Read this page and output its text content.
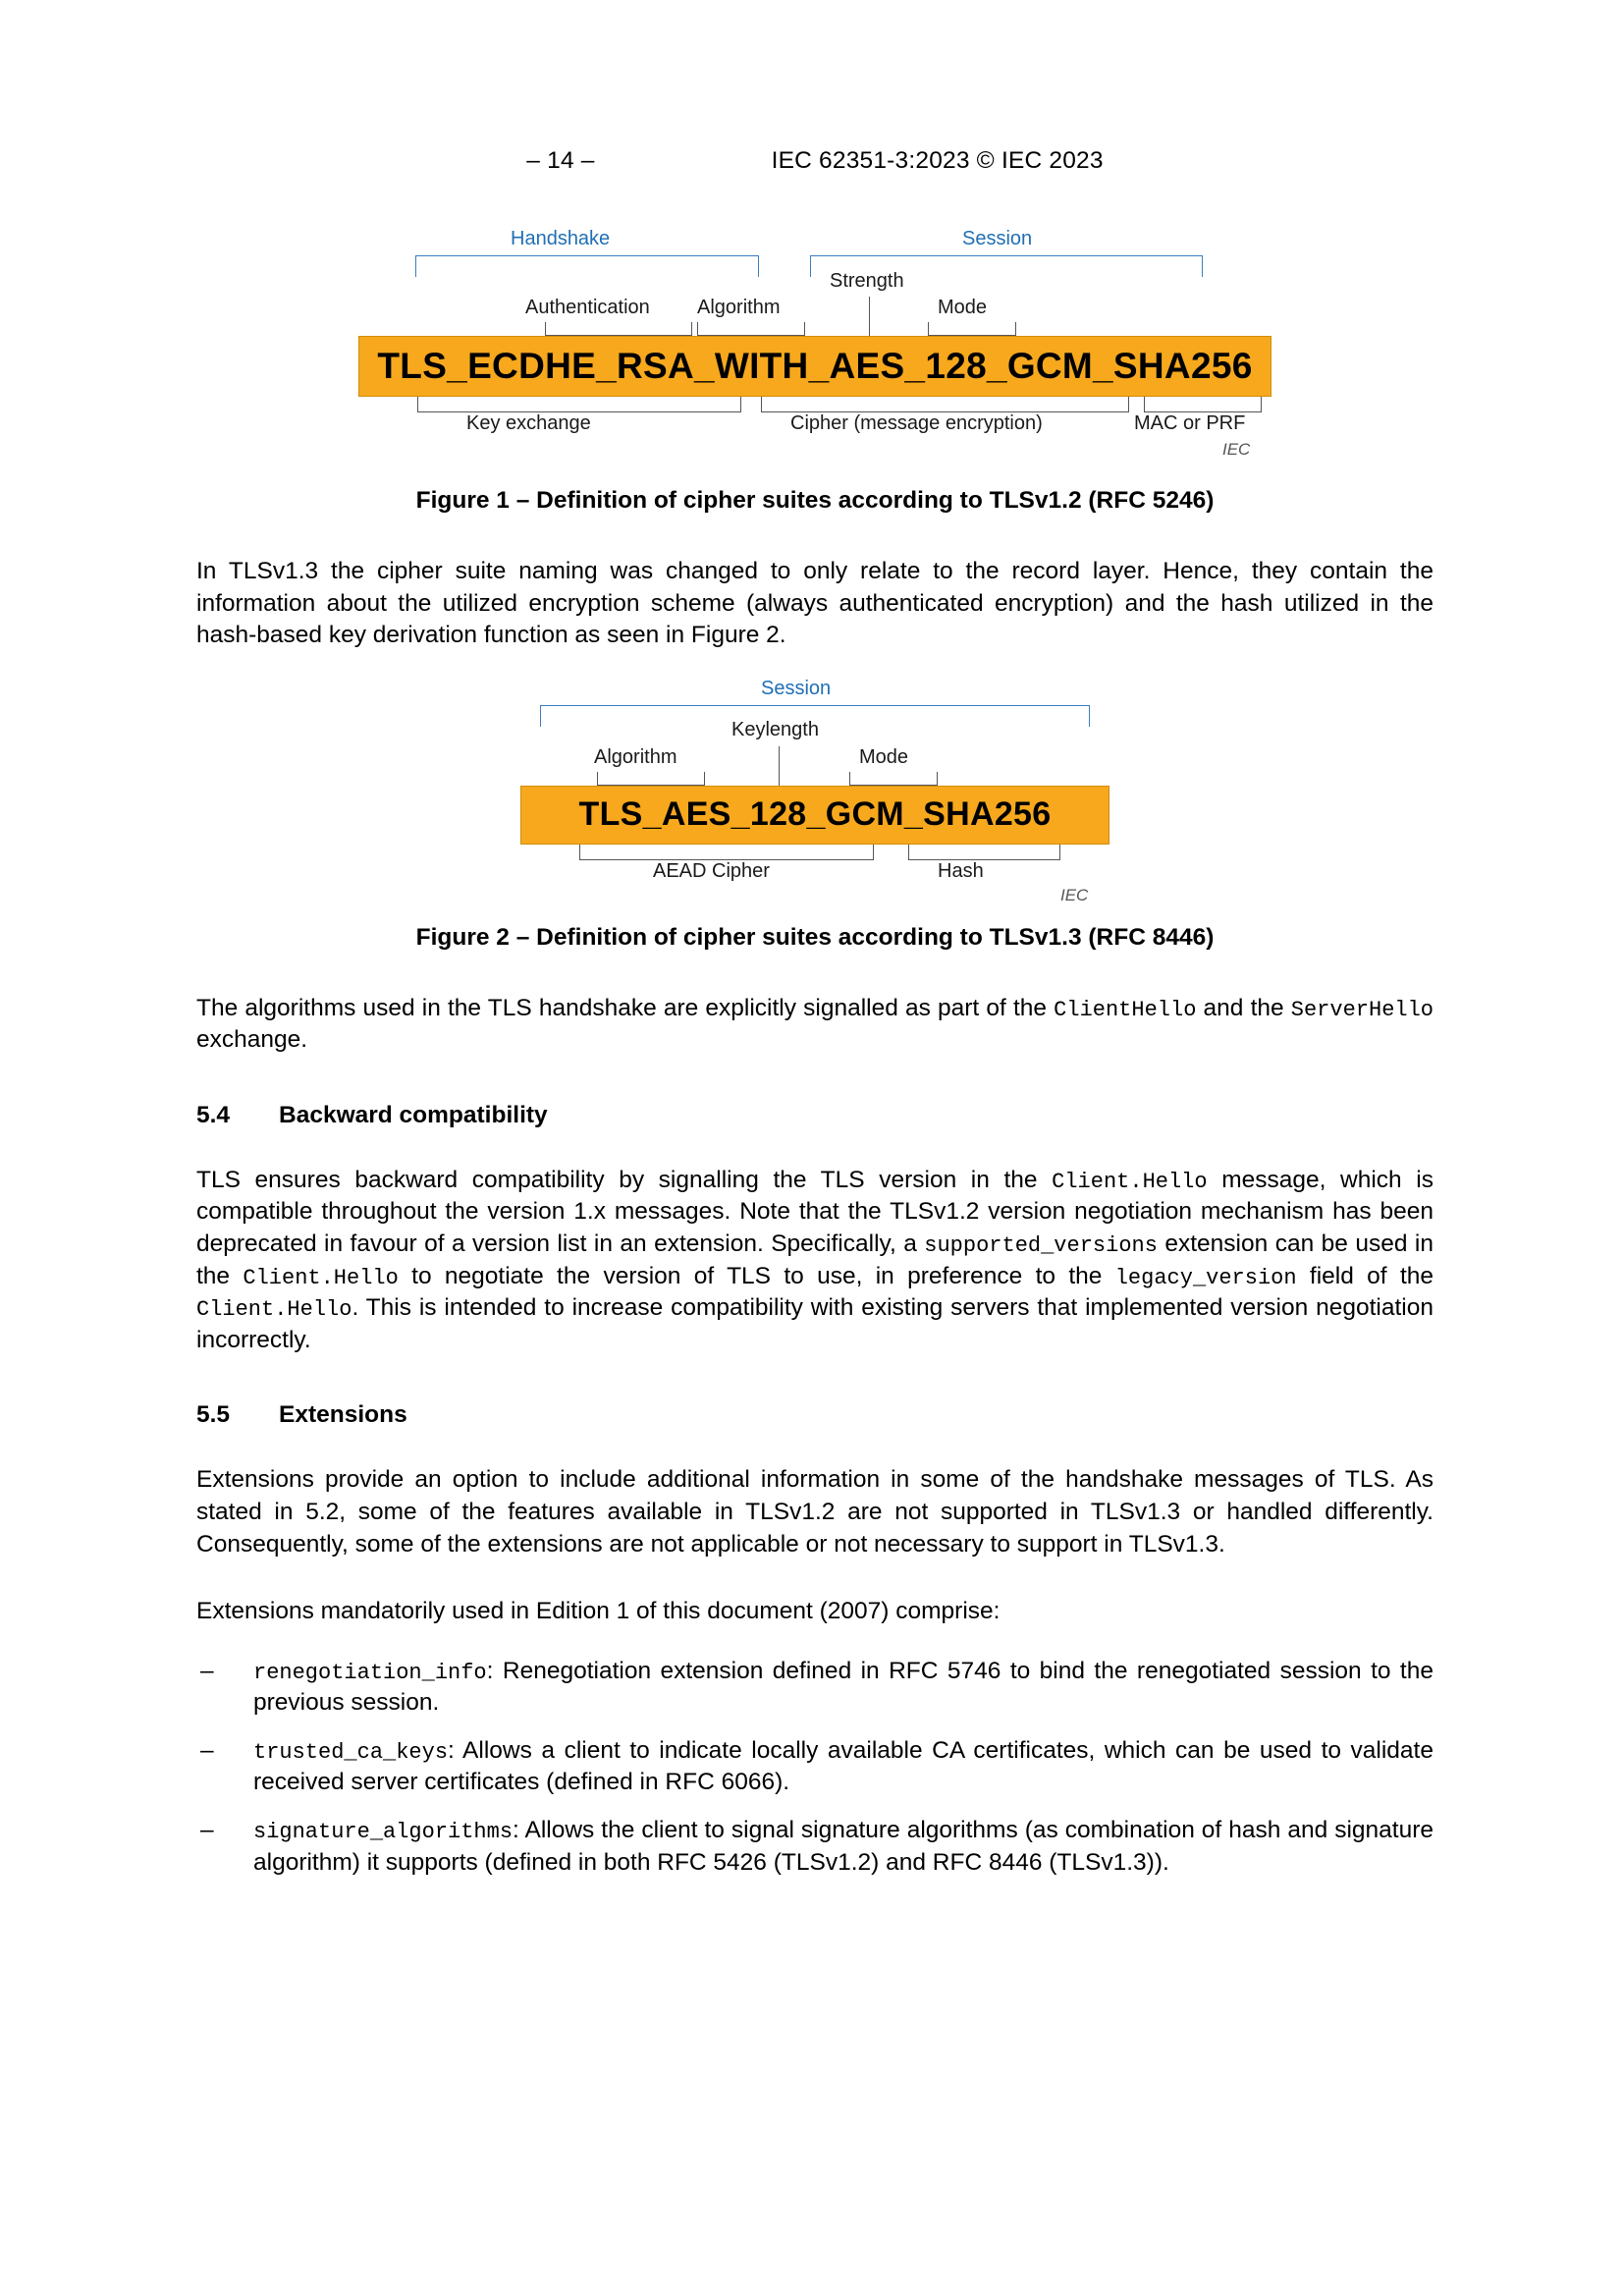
– 14 –	IEC 62351-3:2023 © IEC 2023
Handshake	Session
Authentication Algorithm
Strength
Mode
TLS_ECDHE_RSA_WITH_AES_128_GCM_SHA256
Key exchange	Cipher (message encryption)	MAC or PRF
IEC
Figure 1 – Definition of cipher suites according to TLSv1.2 (RFC 5246)

In TLSv1.3 the cipher suite naming was changed to only relate to the record layer. Hence, they contain the information about the utilized encryption scheme (always authenticated encryption) and the hash utilized in the hash-based key derivation function as seen in Figure 2.

Session
Algorithm
Keylength
Mode
TLS_AES_128_GCM_SHA256
AEAD Cipher	Hash
IEC
Figure 2 – Definition of cipher suites according to TLSv1.3 (RFC 8446)

The algorithms used in the TLS handshake are explicitly signalled as part of the ClientHello and the ServerHello exchange.

5.4	Backward compatibility

TLS ensures backward compatibility by signalling the TLS version in the Client.Hello message, which is compatible throughout the version 1.x messages. Note that the TLSv1.2 version negotiation mechanism has been deprecated in favour of a version list in an extension. Specifically, a supported_versions extension can be used in the Client.Hello to negotiate the version of TLS to use, in preference to the legacy_version field of the Client.Hello. This is intended to increase compatibility with existing servers that implemented version negotiation incorrectly.

5.5	Extensions

Extensions provide an option to include additional information in some of the handshake messages of TLS. As stated in 5.2, some of the features available in TLSv1.2 are not supported in TLSv1.3 or handled differently. Consequently, some of the extensions are not applicable or not necessary to support in TLSv1.3.

Extensions mandatorily used in Edition 1 of this document (2007) comprise:

– renegotiation_info: Renegotiation extension defined in RFC 5746 to bind the renegotiated session to the previous session.
– trusted_ca_keys: Allows a client to indicate locally available CA certificates, which can be used to validate received server certificates (defined in RFC 6066).
– signature_algorithms: Allows the client to signal signature algorithms (as combination of hash and signature algorithm) it supports (defined in both RFC 5426 (TLSv1.2) and RFC 8446 (TLSv1.3)).
